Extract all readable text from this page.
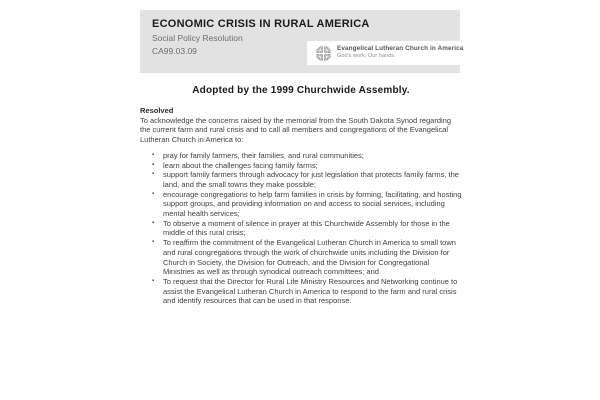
ECONOMIC CRISIS IN RURAL AMERICA
Social Policy Resolution
CA99.03.09	Evangelical Lutheran Church in America
God's work. Our hands.
Adopted by the 1999 Churchwide Assembly.
Resolved
To acknowledge the concerns raised by the memorial from the South Dakota Synod regarding the current farm and rural crisis and to call all members and congregations of the Evangelical Lutheran Church in America to:
▪ pray for family farmers, their families, and rural communities;
▪ learn about the challenges facing family farms;
▪ support family farmers through advocacy for just legislation that protects family farms, the land, and the small towns they make possible;
▪ encourage congregations to help farm families in crisis by forming, facilitating, and hosting support groups, and providing information on and access to social services, including mental health services;
▪ To observe a moment of silence in prayer at this Churchwide Assembly for those in the middle of this rural crisis;
▪ To reaffirm the commitment of the Evangelical Lutheran Church in America to small town and rural congregations through the work of churchwide units including the Division for Church in Society, the Division for Outreach, and the Division for Congregational Ministries as well as through synodical outreach committees; and
▪ To request that the Director for Rural Life Ministry Resources and Networking continue to assist the Evangelical Lutheran Church in America to respond to the farm and rural crisis and identify resources that can be used in that response.
